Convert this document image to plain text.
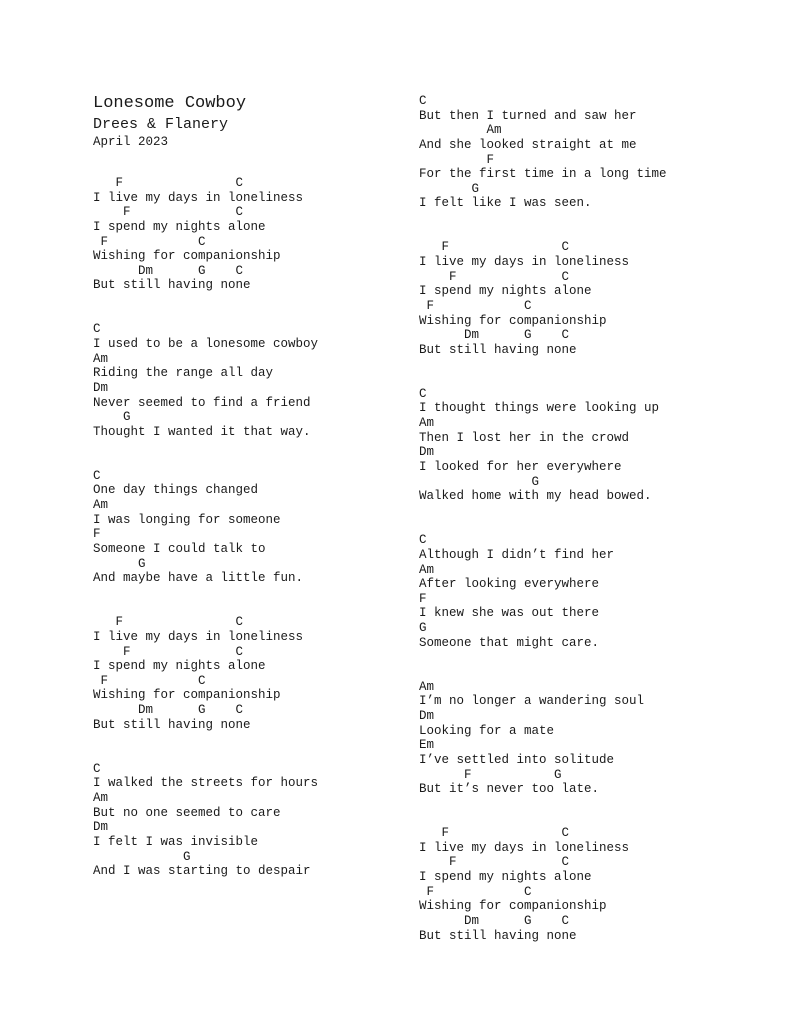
Lonesome Cowboy
Drees & Flanery
April 2023
F               C
I live my days in loneliness
F              C
I spend my nights alone
F            C
Wishing for companionship
Dm      G    C
But still having none
C
I used to be a lonesome cowboy
Am
Riding the range all day
Dm
Never seemed to find a friend
G
Thought I wanted it that way.
C
One day things changed
Am
I was longing for someone
F
Someone I could talk to
G
And maybe have a little fun.
F               C
I live my days in loneliness
F              C
I spend my nights alone
F            C
Wishing for companionship
Dm      G    C
But still having none
C
I walked the streets for hours
Am
But no one seemed to care
Dm
I felt I was invisible
G
And I was starting to despair
C
But then I turned and saw her
Am
And she looked straight at me
F
For the first time in a long time
G
I felt like I was seen.
F               C
I live my days in loneliness
F              C
I spend my nights alone
F            C
Wishing for companionship
Dm      G    C
But still having none
C
I thought things were looking up
Am
Then I lost her in the crowd
Dm
I looked for her everywhere
G
Walked home with my head bowed.
C
Although I didn’t find her
Am
After looking everywhere
F
I knew she was out there
G
Someone that might care.
Am
I’m no longer a wandering soul
Dm
Looking for a mate
Em
I’ve settled into solitude
F           G
But it’s never too late.
F               C
I live my days in loneliness
F              C
I spend my nights alone
F            C
Wishing for companionship
Dm      G    C
But still having none
